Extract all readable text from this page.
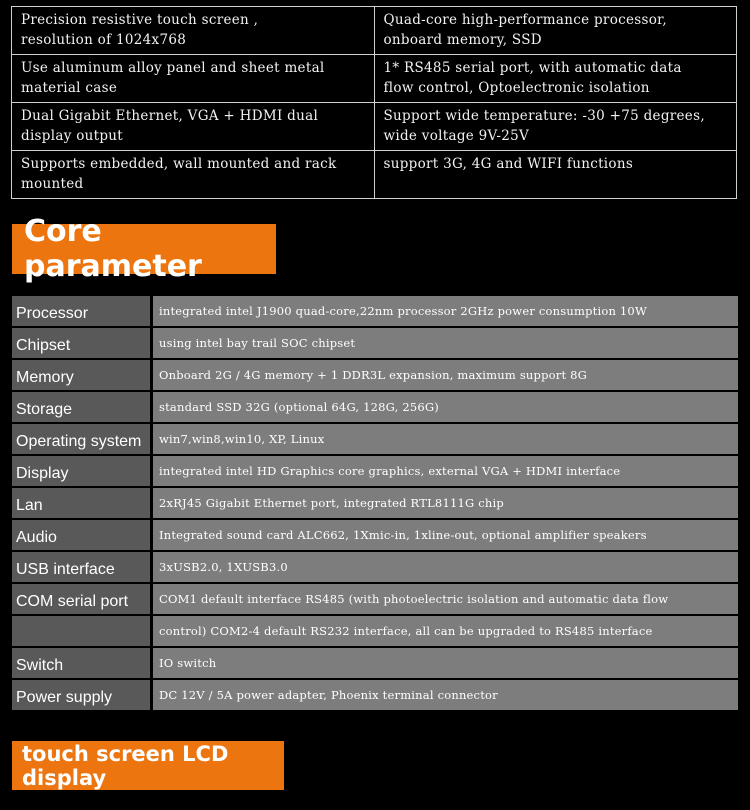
Precision resistive touch screen ,
resolution of 1024x768	Quad-core high-performance processor,
onboard memory, SSD
Use aluminum alloy panel and sheet metal
material case	1* RS485 serial port, with automatic data
flow control, Optoelectronic isolation
Dual Gigabit Ethernet, VGA + HDMI dual
display output	Support wide temperature: -30 +75 degrees,
wide voltage 9V-25V
Supports embedded, wall mounted and rack
mounted	support 3G, 4G and WIFI functions
Core parameter
Processor	integrated intel J1900 quad-core,22nm processor 2GHz power consumption 10W
Chipset	using intel bay trail SOC chipset
Memory	Onboard 2G / 4G memory + 1 DDR3L expansion, maximum support 8G
Storage	standard SSD 32G (optional 64G, 128G, 256G)
Operating system	win7,win8,win10, XP, Linux
Display	integrated intel HD Graphics core graphics, external VGA + HDMI interface
Lan	2xRJ45 Gigabit Ethernet port, integrated RTL8111G chip
Audio	Integrated sound card ALC662, 1Xmic-in, 1xline-out, optional amplifier speakers
USB interface	3xUSB2.0, 1XUSB3.0
COM serial port	COM1 default interface RS485 (with photoelectric isolation and automatic data flow
control) COM2-4 default RS232 interface, all can be upgraded to RS485 interface
Switch	IO switch
Power supply	DC 12V / 5A power adapter, Phoenix terminal connector
touch screen LCD display
